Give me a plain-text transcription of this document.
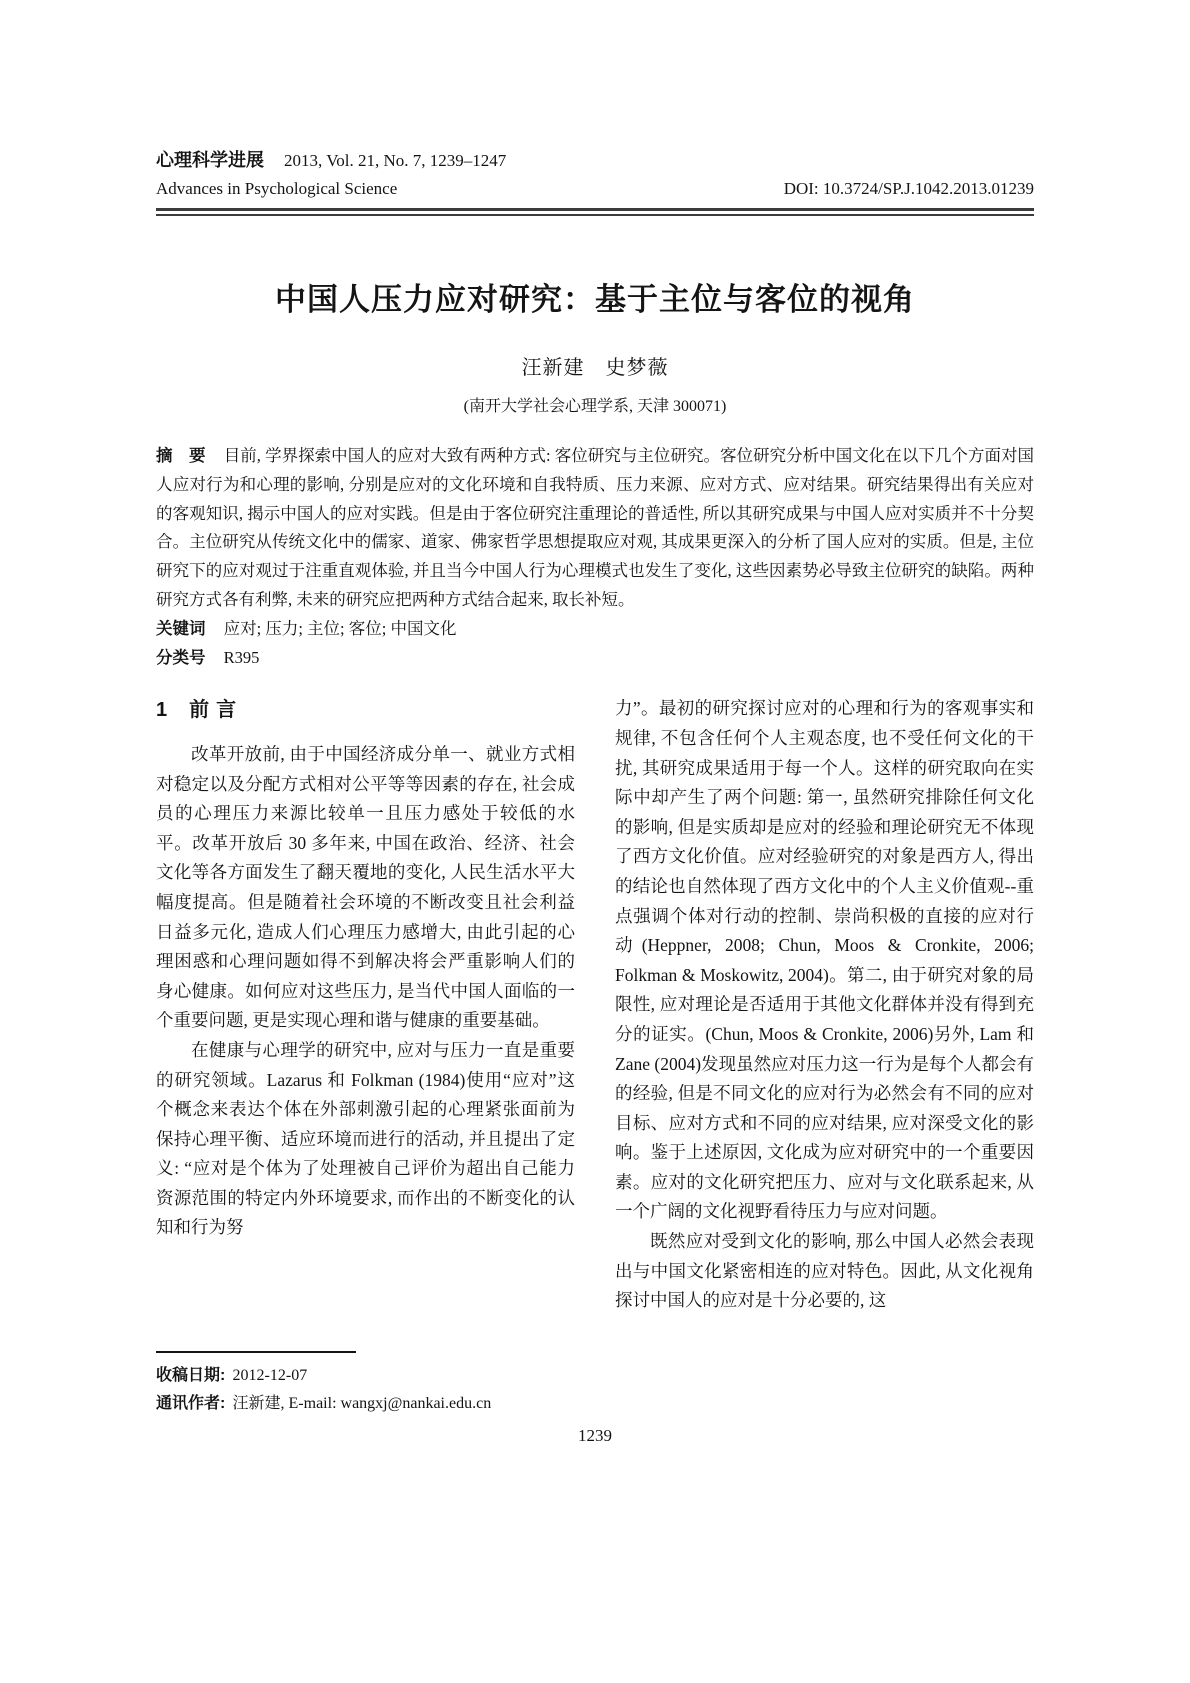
心理科学进展 2013, Vol. 21, No. 7, 1239–1247
Advances in Psychological Science	DOI: 10.3724/SP.J.1042.2013.01239
中国人压力应对研究：基于主位与客位的视角
汪新建　史梦薇
(南开大学社会心理学系, 天津 300071)
摘　要 目前, 学界探索中国人的应对大致有两种方式: 客位研究与主位研究。客位研究分析中国文化在以下几个方面对国人应对行为和心理的影响, 分别是应对的文化环境和自我特质、压力来源、应对方式、应对结果。研究结果得出有关应对的客观知识, 揭示中国人的应对实践。但是由于客位研究注重理论的普适性, 所以其研究成果与中国人应对实质并不十分契合。主位研究从传统文化中的儒家、道家、佛家哲学思想提取应对观, 其成果更深入的分析了国人应对的实质。但是, 主位研究下的应对观过于注重直观体验, 并且当今中国人行为心理模式也发生了变化, 这些因素势必导致主位研究的缺陷。两种研究方式各有利弊, 未来的研究应把两种方式结合起来, 取长补短。
关键词 应对; 压力; 主位; 客位; 中国文化
分类号 R395
1 前言

改革开放前, 由于中国经济成分单一、就业方式相对稳定以及分配方式相对公平等等因素的存在, 社会成员的心理压力来源比较单一且压力感处于较低的水平。改革开放后 30 多年来, 中国在政治、经济、社会文化等各方面发生了翻天覆地的变化, 人民生活水平大幅度提高。但是随着社会环境的不断改变且社会利益日益多元化, 造成人们心理压力感增大, 由此引起的心理困惑和心理问题如得不到解决将会严重影响人们的身心健康。如何应对这些压力, 是当代中国人面临的一个重要问题, 更是实现心理和谐与健康的重要基础。

在健康与心理学的研究中, 应对与压力一直是重要的研究领域。Lazarus 和 Folkman (1984)使用“应对”这个概念来表达个体在外部刺激引起的心理紧张面前为保持心理平衡、适应环境而进行的活动, 并且提出了定义: “应对是个体为了处理被自己评价为超出自己能力资源范围的特定内外环境要求, 而作出的不断变化的认知和行为努

收稿日期: 2012-12-07
通讯作者: 汪新建, E-mail: wangxj@nankai.edu.cn

力”。最初的研究探讨应对的心理和行为的客观事实和规律, 不包含任何个人主观态度, 也不受任何文化的干扰, 其研究成果适用于每一个人。这样的研究取向在实际中却产生了两个问题: 第一, 虽然研究排除任何文化的影响, 但是实质却是应对的经验和理论研究无不体现了西方文化价值。应对经验研究的对象是西方人, 得出的结论也自然体现了西方文化中的个人主义价值观--重点强调个体对行动的控制、崇尚积极的直接的应对行动(Heppner, 2008; Chun, Moos & Cronkite, 2006; Folkman & Moskowitz, 2004)。第二, 由于研究对象的局限性, 应对理论是否适用于其他文化群体并没有得到充分的证实。(Chun, Moos & Cronkite, 2006)另外, Lam 和 Zane (2004)发现虽然应对压力这一行为是每个人都会有的经验, 但是不同文化的应对行为必然会有不同的应对目标、应对方式和不同的应对结果, 应对深受文化的影响。鉴于上述原因, 文化成为应对研究中的一个重要因素。应对的文化研究把压力、应对与文化联系起来, 从一个广阔的文化视野看待压力与应对问题。

既然应对受到文化的影响, 那么中国人必然会表现出与中国文化紧密相连的应对特色。因此, 从文化视角探讨中国人的应对是十分必要的, 这

1239
